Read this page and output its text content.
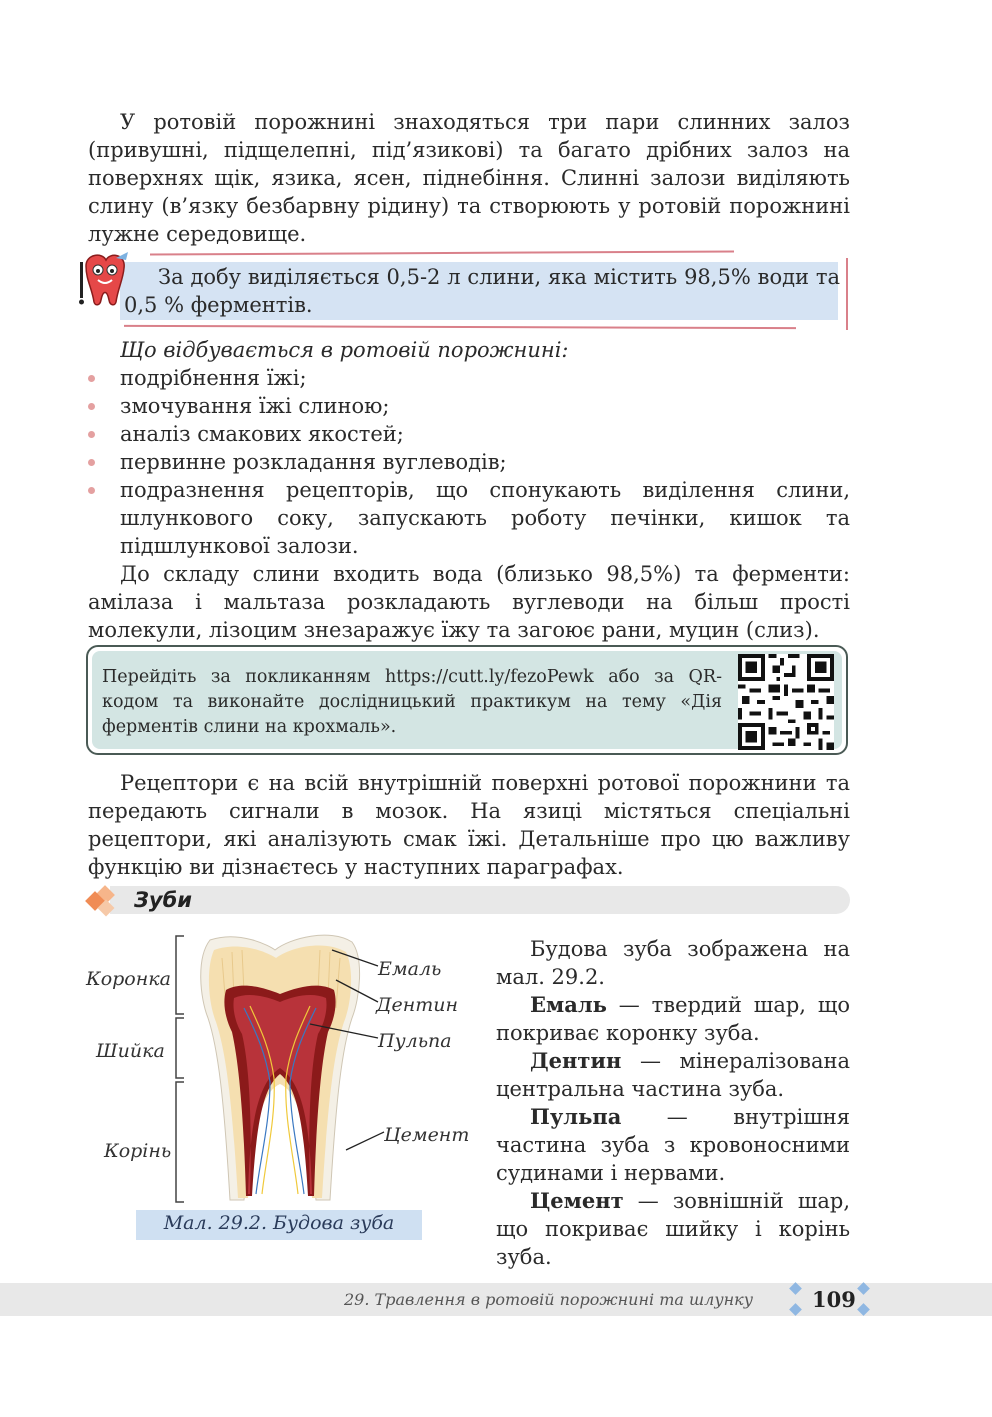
У ротовій порожнині знаходяться три пари слинних залоз (привушні, підщелепні, під’язикові) та багато дрібних залоз на поверхнях щік, язика, ясен, піднебіння. Слинні залози виділяють слину (в’язку безбарвну рідину) та створюють у ротовій порожнині лужне середовище.

За добу виділяється 0,5-2 л слини, яка містить 98,5% води та 0,5 % ферментів.

Що відбувається в ротовій порожнині:

подрібнення їжі;
змочування їжі слиною;
аналіз смакових якостей;
первинне розкладання вуглеводів;
подразнення рецепторів, що спонукають виділення слини, шлункового соку, запускають роботу печінки, кишок та підшлункової залози.

До складу слини входить вода (близько 98,5%) та ферменти: амілаза і мальтаза розкладають вуглеводи на більш прості молекули, лізоцим знезаражує їжу та загоює рани, муцин (слиз).

Перейдіть за покликанням https://cutt.ly/fezoPewk або за QR-кодом та виконайте дослідницький практикум на тему «Дія ферментів слини на крохмаль».

Рецептори є на всій внутрішній поверхні ротової порожнини та передають сигнали в мозок. На язиці містяться спеціальні рецептори, які аналізують смак їжі. Детальніше про цю важливу функцію ви дізнаєтесь у наступних параграфах.

Зуби
Коронка
Шийка
Корінь
Емаль
Дентин
Пульпа
Цемент
Мал. 29.2. Будова зуба

Будова зуба зображена на мал. 29.2.

Емаль — твердий шар, що покриває коронку зуба.

Дентин — мінералізована центральна частина зуба.

Пульпа — внутрішня частина зуба з кровоносними судинами і нервами.

Цемент — зовнішній шар, що покриває шийку і корінь зуба.

29. Травлення в ротовій порожнині та шлунку	109
